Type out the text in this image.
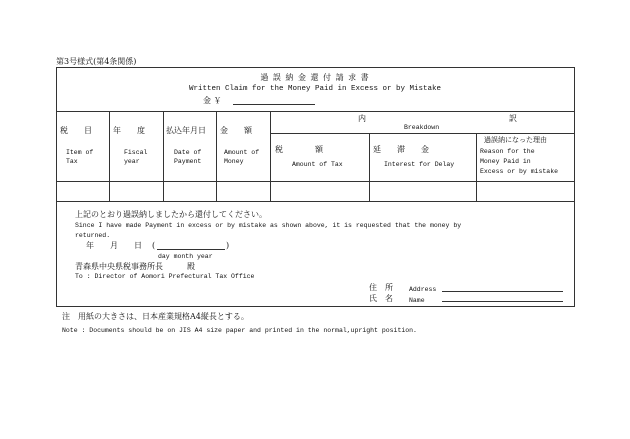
第3号様式(第4条関係)
過 誤 納 金 還 付 請 求 書
Written Claim for the Money Paid in Excess or by Mistake
金 ￥
内	訳
Breakdown
税　　目
Item of
Tax
年　　度
Fiscal
year
払込年月日
Date of
Payment
金　　額
Amount of
Money
税　　　　額
Amount of Tax
延　　滞　　金
Interest for Delay
過誤納になった理由
Reason for the
Money Paid in
Excess or by mistake
上記のとおり過誤納しましたから還付してください。
Since I have made Payment in excess or by mistake as shown above, it is requested that the money by
returned.
年　　月　　日 (	)
day month year
青森県中央県税事務所長　　　殿
To : Director of Aomori Prefectural Tax Office
住　所 Address
氏　名 Name
注　用紙の大きさは、日本産業規格A4縦長とする。
Note : Documents should be on JIS A4 size paper and printed in the normal,upright position.
